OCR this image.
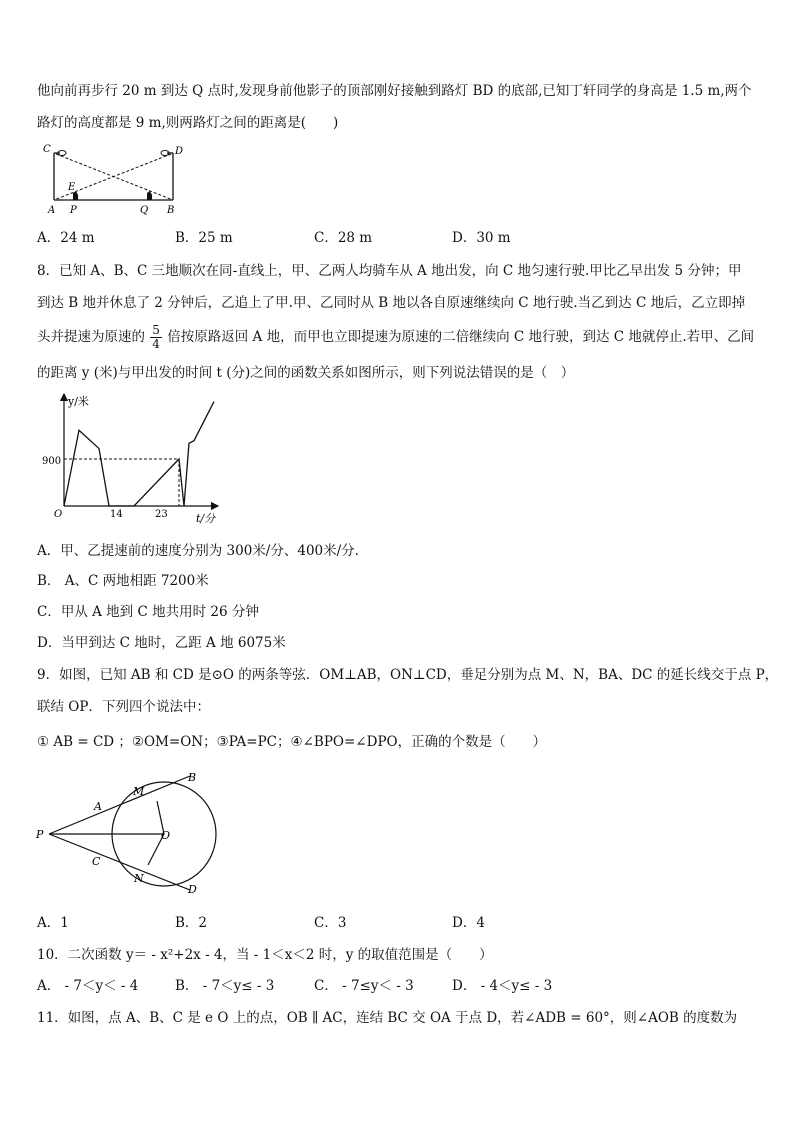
他向前再步行 20 m 到达 Q 点时,发现身前他影子的顶部刚好接触到路灯 BD 的底部,已知丁轩同学的身高是 1.5 m,两个
路灯的高度都是 9 m,则两路灯之间的距离是(　　)
C	D
E
A P	Q B
A．24 m	B．25 m	C．28 m	D．30 m
8．已知 A、B、C 三地顺次在同-直线上，甲、乙两人均骑车从 A 地出发，向 C 地匀速行驶.甲比乙早出发 5 分钟；甲
到达 B 地并休息了 2 分钟后，乙追上了甲.甲、乙同时从 B 地以各自原速继续向 C 地行驶.当乙到达 C 地后，乙立即掉
头并提速为原速的 $\frac{5}{4}$ 倍按原路返回 A 地，而甲也立即提速为原速的二倍继续向 C 地行驶，到达 C 地就停止.若甲、乙间
的距离 y (米)与甲出发的时间 t (分)之间的函数关系如图所示，则下列说法错误的是（　）
y/米
t/分
O
900
14	23
A．甲、乙提速前的速度分别为 300米/分、400米/分.
B． A、C 两地相距 7200米
C．甲从 A 地到 C 地共用时 26 分钟
D．当甲到达 C 地时，乙距 A 地 6075米
9．如图，已知 AB 和 CD 是⊙O 的两条等弦．OM⊥AB，ON⊥CD，垂足分别为点 M、N，BA、DC 的延长线交于点 P，
联结 OP．下列四个说法中：
① AB = CD ；②OM=ON；③PA=PC；④∠BPO=∠DPO，正确的个数是（　　）
P
A
M
B
O
C
N
D
A．1	B．2	C．3	D．4
10．二次函数 y＝ - x²+2x - 4，当 - 1＜x＜2 时，y 的取值范围是（　　）
A． - 7＜y＜ - 4	B． - 7＜y≤ - 3	C． - 7≤y＜ - 3	D． - 4＜y≤ - 3
11．如图，点 A、B、C 是 e O 上的点，OB ∥ AC，连结 BC 交 OA 于点 D，若∠ADB = 60°，则∠AOB 的度数为
